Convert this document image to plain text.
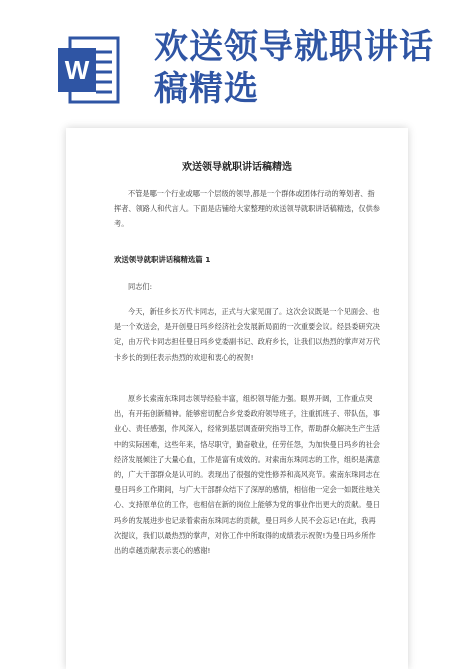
W
欢送领导就职讲话
稿精选
欢送领导就职讲话稿精选

不管是哪一个行业或哪一个层级的领导,都是一个群体或团体行动的筹划者、指挥者、领路人和代言人。下面是店铺给大家整理的欢送领导就职讲话稿精选，仅供参考。

欢送领导就职讲话稿精选篇 1
同志们:

今天，新任乡长万代卡同志，正式与大家见面了。这次会议既是一个见面会、也是一个欢送会，是开创曼日玛乡经济社会发展新局面的一次重要会议。经县委研究决定，由万代卡同志担任曼日玛乡党委副书记、政府乡长，让我们以热烈的掌声对万代卡乡长的到任表示热烈的欢迎和衷心的祝贺!

原乡长索南东珠同志领导经验丰富，组织领导能力强。眼界开阔，工作重点突出，有开拓创新精神。能够密切配合乡党委政府领导班子，注重抓班子、带队伍，事业心、责任感强，作风深入，经常到基层调查研究指导工作，帮助群众解决生产生活中的实际困难，这些年来，恪尽职守，勤奋敬业，任劳任怨，为加快曼日玛乡的社会经济发展倾注了大量心血，工作是富有成效的。对索南东珠同志的工作，组织是满意的，广大干部群众是认可的。表现出了很强的党性修养和高风亮节。索南东珠同志在曼日玛乡工作期间，与广大干部群众结下了深厚的感情，相信他一定会一如既往地关心、支持原单位的工作，也相信在新的岗位上能够为党的事业作出更大的贡献。曼日玛乡的发展进步也记录着索南东珠同志的贡献，曼日玛乡人民不会忘记!在此，我再次提议，我们以最热烈的掌声，对你工作中所取得的成绩表示祝贺!为曼日玛乡所作出的卓越贡献表示衷心的感谢!
